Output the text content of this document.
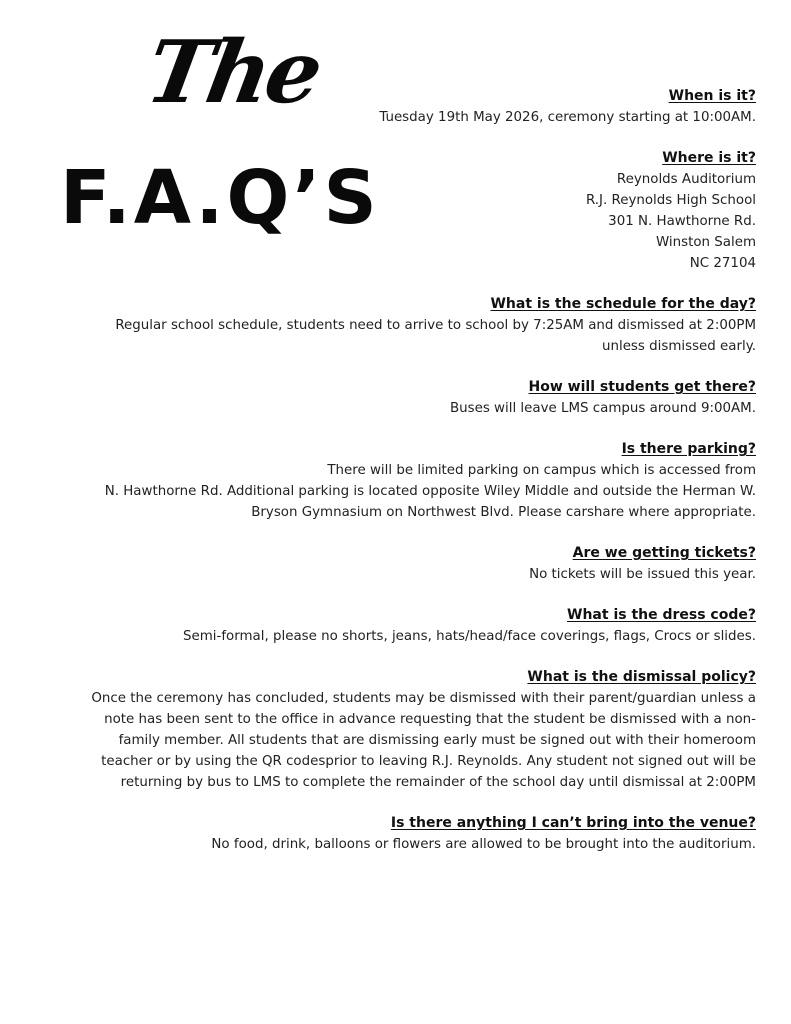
The
F.A.Q’S
When is it?
Tuesday 19th May 2026, ceremony starting at 10:00AM.
Where is it?
Reynolds Auditorium
R.J. Reynolds High School
301 N. Hawthorne Rd.
Winston Salem
NC 27104
What is the schedule for the day?
Regular school schedule, students need to arrive to school by 7:25AM and dismissed at 2:00PM
unless dismissed early.
How will students get there?
Buses will leave LMS campus around 9:00AM.
Is there parking?
There will be limited parking on campus which is accessed from
N. Hawthorne Rd. Additional parking is located opposite Wiley Middle and outside the Herman W.
Bryson Gymnasium on Northwest Blvd. Please carshare where appropriate.
Are we getting tickets?
No tickets will be issued this year.
What is the dress code?
Semi-formal, please no shorts, jeans, hats/head/face coverings, flags, Crocs or slides.
What is the dismissal policy?
Once the ceremony has concluded, students may be dismissed with their parent/guardian unless a
note has been sent to the office in advance requesting that the student be dismissed with a non-
family member. All students that are dismissing early must be signed out with their homeroom
teacher or by using the QR codesprior to leaving R.J. Reynolds. Any student not signed out will be
returning by bus to LMS to complete the remainder of the school day until dismissal at 2:00PM
Is there anything I can’t bring into the venue?
No food, drink, balloons or flowers are allowed to be brought into the auditorium.
